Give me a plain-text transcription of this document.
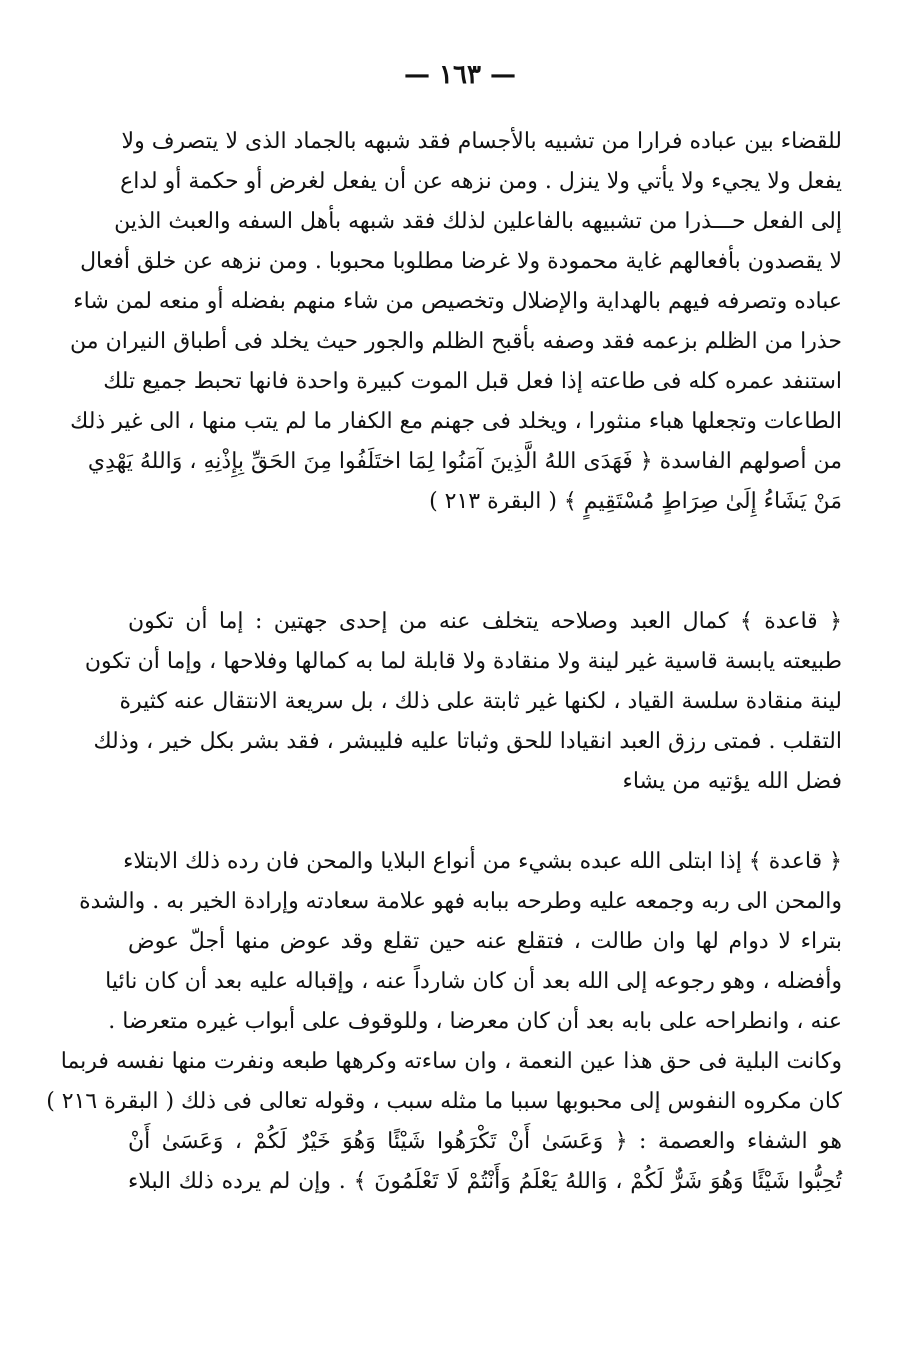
— ١٦٣ —
للقضاء بين عباده فرارا من تشبيه بالأجسام فقد شبهه بالجماد الذى لا يتصرف ولا
يفعل ولا يجيء ولا يأتي ولا ينزل . ومن نزهه عن أن يفعل لغرض أو حكمة أو لداع
إلى الفعل حـــذرا من تشبيهه بالفاعلين لذلك فقد شبهه بأهل السفه والعبث الذين
لا يقصدون بأفعالهم غاية محمودة ولا غرضا مطلوبا محبوبا . ومن نزهه عن خلق أفعال
عباده وتصرفه فيهم بالهداية والإضلال وتخصيص من شاء منهم بفضله أو منعه لمن شاء
حذرا من الظلم بزعمه فقد وصفه بأقبح الظلم والجور حيث يخلد فى أطباق النيران من
استنفد عمره كله فى طاعته إذا فعل قبل الموت كبيرة واحدة فانها تحبط جميع تلك
الطاعات وتجعلها هباء منثورا ، ويخلد فى جهنم مع الكفار ما لم يتب منها ، الى غير ذلك
من أصولهم الفاسدة ﴿ فَهَدَى اللهُ الَّذِينَ آمَنُوا لِمَا اختَلَفُوا مِنَ الحَقِّ بِإِذْنِهِ ، وَاللهُ يَهْدِي
مَنْ يَشَاءُ إِلَىٰ صِرَاطٍ مُسْتَقِيمٍ ﴾ ( البقرة ٢١٣ )
﴿ قاعدة ﴾ كمال العبد وصلاحه يتخلف عنه من إحدى جهتين : إما أن تكون
طبيعته يابسة قاسية غير لينة ولا منقادة ولا قابلة لما به كمالها وفلاحها ، وإما أن تكون
لينة منقادة سلسة القياد ، لكنها غير ثابتة على ذلك ، بل سريعة الانتقال عنه كثيرة
التقلب . فمتى رزق العبد انقيادا للحق وثباتا عليه فليبشر ، فقد بشر بكل خير ، وذلك
فضل الله يؤتيه من يشاء
﴿ قاعدة ﴾ إذا ابتلى الله عبده بشيء من أنواع البلايا والمحن فان رده ذلك الابتلاء
والمحن الى ربه وجمعه عليه وطرحه ببابه فهو علامة سعادته وإرادة الخير به . والشدة
بتراء لا دوام لها وان طالت ، فتقلع عنه حين تقلع وقد عوض منها أجلّ عوض
وأفضله ، وهو رجوعه إلى الله بعد أن كان شارداً عنه ، وإقباله عليه بعد أن كان نائيا
عنه ، وانطراحه على بابه بعد أن كان معرضا ، وللوقوف على أبواب غيره متعرضا .
وكانت البلية فى حق هذا عين النعمة ، وان ساءته وكرهها طبعه ونفرت منها نفسه فربما
كان مكروه النفوس إلى محبوبها سببا ما مثله سبب ، وقوله تعالى فى ذلك ( البقرة ٢١٦ )
هو الشفاء والعصمة : ﴿ وَعَسَىٰ أَنْ تَكْرَهُوا شَيْئًا وَهُوَ خَيْرٌ لَكُمْ ، وَعَسَىٰ أَنْ
تُحِبُّوا شَيْئًا وَهُوَ شَرٌّ لَكُمْ ، وَاللهُ يَعْلَمُ وَأَنْتُمْ لَا تَعْلَمُونَ ﴾ . وإن لم يرده ذلك البلاء
